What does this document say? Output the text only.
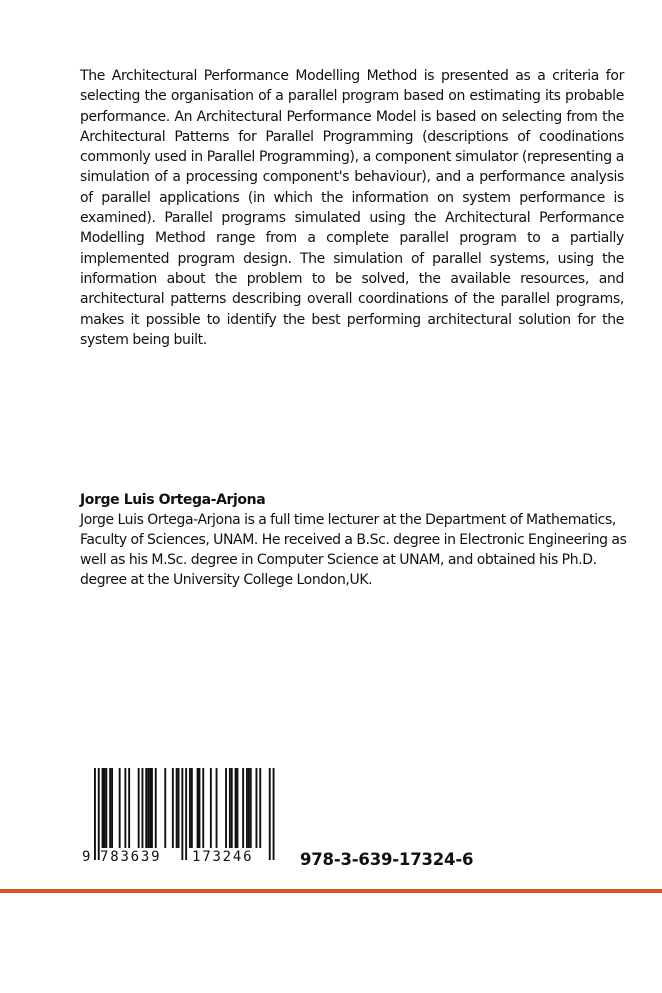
The Architectural Performance Modelling Method is presented as a criteria for selecting the organisation of a parallel program based on estimating its probable performance. An Architectural Performance Model is based on selecting from the Architectural Patterns for Parallel Programming (descriptions of coodinations commonly used in Parallel Programming), a component simulator (representing a simulation of a processing component's behaviour), and a performance analysis of parallel applications (in which the information on system performance is examined). Parallel programs simulated using the Architectural Performance Modelling Method range from a complete parallel program to a partially implemented program design. The simulation of parallel systems, using the information about the problem to be solved, the available resources, and architectural patterns describing overall coordinations of the parallel programs, makes it possible to identify the best performing architectural solution for the system being built.

Jorge Luis Ortega-Arjona

Jorge Luis Ortega-Arjona is a full time lecturer at the Department of Mathematics, Faculty of Sciences, UNAM. He received a B.Sc. degree in Electronic Engineering as well as his M.Sc. degree in Computer Science at UNAM, and obtained his Ph.D. degree at the University College London,UK.

9 783639	173246	978-3-639-17324-6
